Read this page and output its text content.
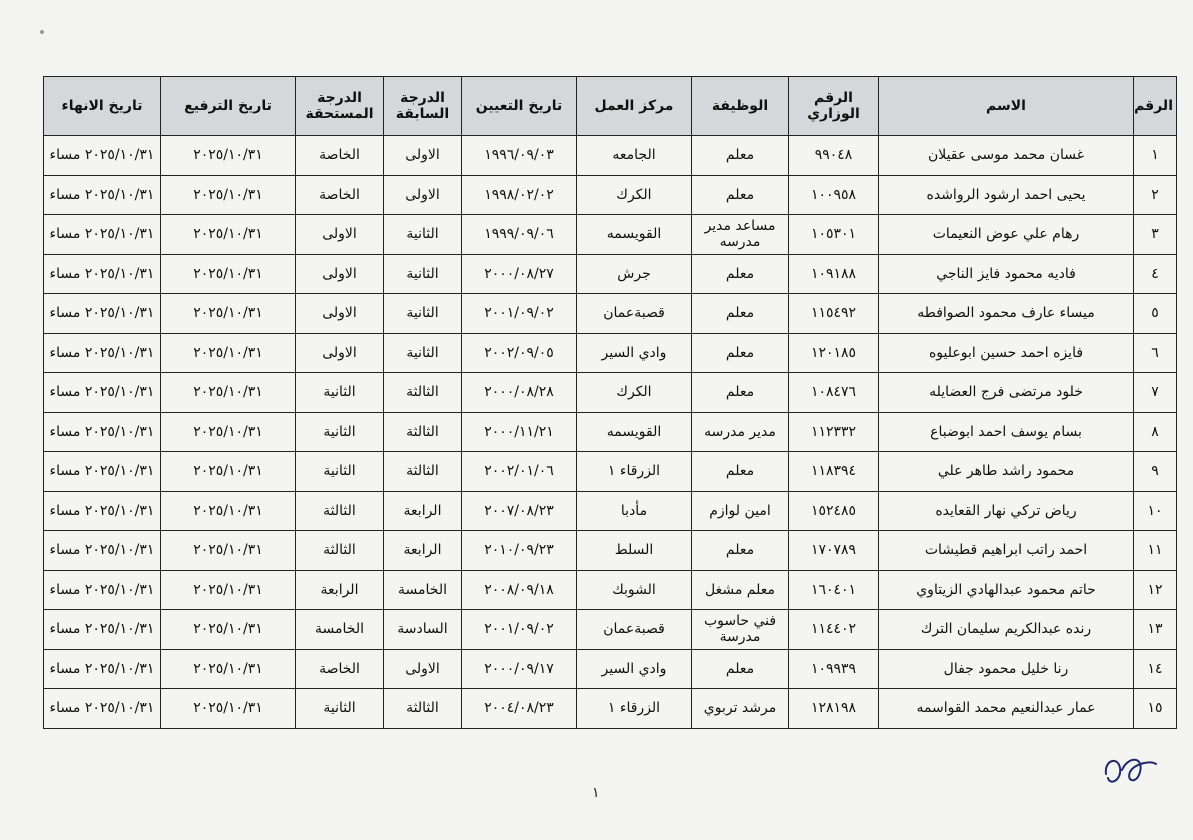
الرقم	الاسم	الرقم الوزاري	الوظيفة	مركز العمل	تاريخ التعيين	الدرجة السابقة	الدرجة المستحقة	تاريخ الترفيع	تاريخ الانهاء
١	غسان محمد موسى عقيلان	٩٩٠٤٨	معلم	الجامعه	١٩٩٦/٠٩/٠٣	الاولى	الخاصة	٢٠٢٥/١٠/٣١	٢٠٢٥/١٠/٣١ مساء
٢	يحيى احمد ارشود الرواشده	١٠٠٩٥٨	معلم	الكرك	١٩٩٨/٠٢/٠٢	الاولى	الخاصة	٢٠٢٥/١٠/٣١	٢٠٢٥/١٠/٣١ مساء
٣	رهام علي عوض النعيمات	١٠٥٣٠١	مساعد مدير مدرسه	القويسمه	١٩٩٩/٠٩/٠٦	الثانية	الاولى	٢٠٢٥/١٠/٣١	٢٠٢٥/١٠/٣١ مساء
٤	فاديه محمود فايز الناجي	١٠٩١٨٨	معلم	جرش	٢٠٠٠/٠٨/٢٧	الثانية	الاولى	٢٠٢٥/١٠/٣١	٢٠٢٥/١٠/٣١ مساء
٥	ميساء عارف محمود الصوافطه	١١٥٤٩٢	معلم	قصبةعمان	٢٠٠١/٠٩/٠٢	الثانية	الاولى	٢٠٢٥/١٠/٣١	٢٠٢٥/١٠/٣١ مساء
٦	فايزه احمد حسين ابوعليوه	١٢٠١٨٥	معلم	وادي السير	٢٠٠٢/٠٩/٠٥	الثانية	الاولى	٢٠٢٥/١٠/٣١	٢٠٢٥/١٠/٣١ مساء
٧	خلود مرتضى فرج العضايله	١٠٨٤٧٦	معلم	الكرك	٢٠٠٠/٠٨/٢٨	الثالثة	الثانية	٢٠٢٥/١٠/٣١	٢٠٢٥/١٠/٣١ مساء
٨	بسام يوسف احمد ابوضباع	١١٢٣٣٢	مدير مدرسه	القويسمه	٢٠٠٠/١١/٢١	الثالثة	الثانية	٢٠٢٥/١٠/٣١	٢٠٢٥/١٠/٣١ مساء
٩	محمود راشد طاهر علي	١١٨٣٩٤	معلم	الزرقاء ١	٢٠٠٢/٠١/٠٦	الثالثة	الثانية	٢٠٢٥/١٠/٣١	٢٠٢٥/١٠/٣١ مساء
١٠	رياض تركي نهار القعايده	١٥٢٤٨٥	امين لوازم	مأدبا	٢٠٠٧/٠٨/٢٣	الرابعة	الثالثة	٢٠٢٥/١٠/٣١	٢٠٢٥/١٠/٣١ مساء
١١	احمد راتب ابراهيم قطيشات	١٧٠٧٨٩	معلم	السلط	٢٠١٠/٠٩/٢٣	الرابعة	الثالثة	٢٠٢٥/١٠/٣١	٢٠٢٥/١٠/٣١ مساء
١٢	حاتم محمود عبدالهادي الزيتاوي	١٦٠٤٠١	معلم مشغل	الشوبك	٢٠٠٨/٠٩/١٨	الخامسة	الرابعة	٢٠٢٥/١٠/٣١	٢٠٢٥/١٠/٣١ مساء
١٣	رنده عبدالكريم سليمان الترك	١١٤٤٠٢	فني حاسوب مدرسة	قصبةعمان	٢٠٠١/٠٩/٠٢	السادسة	الخامسة	٢٠٢٥/١٠/٣١	٢٠٢٥/١٠/٣١ مساء
١٤	رنا خليل محمود جفال	١٠٩٩٣٩	معلم	وادي السير	٢٠٠٠/٠٩/١٧	الاولى	الخاصة	٢٠٢٥/١٠/٣١	٢٠٢٥/١٠/٣١ مساء
١٥	عمار عبدالنعيم محمد القواسمه	١٢٨١٩٨	مرشد تربوي	الزرقاء ١	٢٠٠٤/٠٨/٢٣	الثالثة	الثانية	٢٠٢٥/١٠/٣١	٢٠٢٥/١٠/٣١ مساء
١
